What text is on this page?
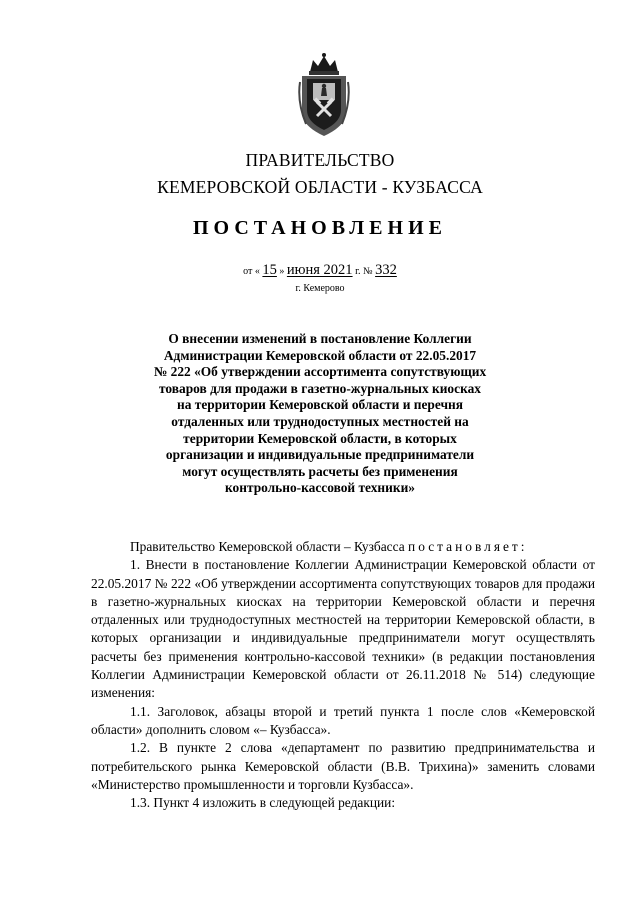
ПРАВИТЕЛЬСТВО
КЕМЕРОВСКОЙ ОБЛАСТИ - КУЗБАССА
ПОСТАНОВЛЕНИЕ
от « 15 » июня 2021 г. № 332
г. Кемерово
О внесении изменений в постановление Коллегии
Администрации Кемеровской области от 22.05.2017
№ 222 «Об утверждении ассортимента сопутствующих
товаров для продажи в газетно-журнальных киосках
на территории Кемеровской области и перечня
отдаленных или труднодоступных местностей на
территории Кемеровской области, в которых
организации и индивидуальные предприниматели
могут осуществлять расчеты без применения
контрольно-кассовой техники»
Правительство Кемеровской области – Кузбасса постановляет:
1. Внести в постановление Коллегии Администрации Кемеровской области от 22.05.2017 № 222 «Об утверждении ассортимента сопутствующих товаров для продажи в газетно-журнальных киосках на территории Кемеровской области и перечня отдаленных или труднодоступных местностей на территории Кемеровской области, в которых организации и индивидуальные предприниматели могут осуществлять расчеты без применения контрольно-кассовой техники» (в редакции постановления Коллегии Администрации Кемеровской области от 26.11.2018 № 514) следующие изменения:
1.1. Заголовок, абзацы второй и третий пункта 1 после слов «Кемеровской области» дополнить словом «– Кузбасса».
1.2. В пункте 2 слова «департамент по развитию предпринимательства и потребительского рынка Кемеровской области (В.В. Трихина)» заменить словами «Министерство промышленности и торговли Кузбасса».
1.3. Пункт 4 изложить в следующей редакции:
